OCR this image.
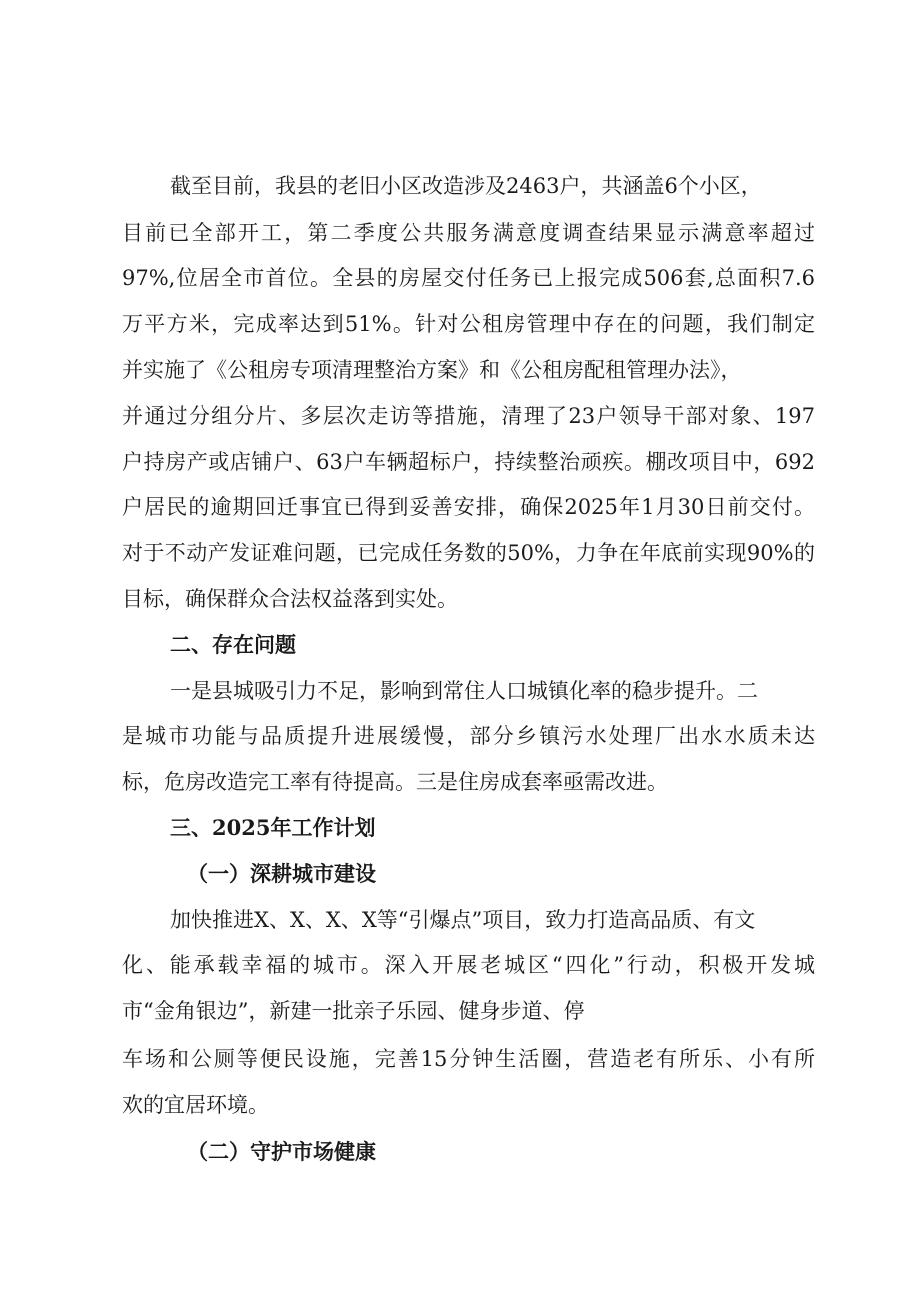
截至目前，我县的老旧小区改造涉及2463户，共涵盖6个小区，
目前已全部开工，第二季度公共服务满意度调查结果显示满意率超过
97%,位居全市首位。全县的房屋交付任务已上报完成506套,总面积7.6
万平方米，完成率达到51%。针对公租房管理中存在的问题，我们制定
并实施了《公租房专项清理整治方案》和《公租房配租管理办法》，
并通过分组分片、多层次走访等措施，清理了23户领导干部对象、197
户持房产或店铺户、63户车辆超标户，持续整治顽疾。棚改项目中，692
户居民的逾期回迁事宜已得到妥善安排，确保2025年1月30日前交付。
对于不动产发证难问题，已完成任务数的50%，力争在年底前实现90%的
目标，确保群众合法权益落到实处。
二、存在问题
一是县城吸引力不足，影响到常住人口城镇化率的稳步提升。二
是城市功能与品质提升进展缓慢，部分乡镇污水处理厂出水水质未达
标，危房改造完工率有待提高。三是住房成套率亟需改进。
三、2025年工作计划
（一）深耕城市建设
加快推进X、X、X、X等“引爆点”项目，致力打造高品质、有文
化、能承载幸福的城市。深入开展老城区“四化”行动，积极开发城
市“金角银边”，新建一批亲子乐园、健身步道、停
车场和公厕等便民设施，完善15分钟生活圈，营造老有所乐、小有所
欢的宜居环境。
（二）守护市场健康
